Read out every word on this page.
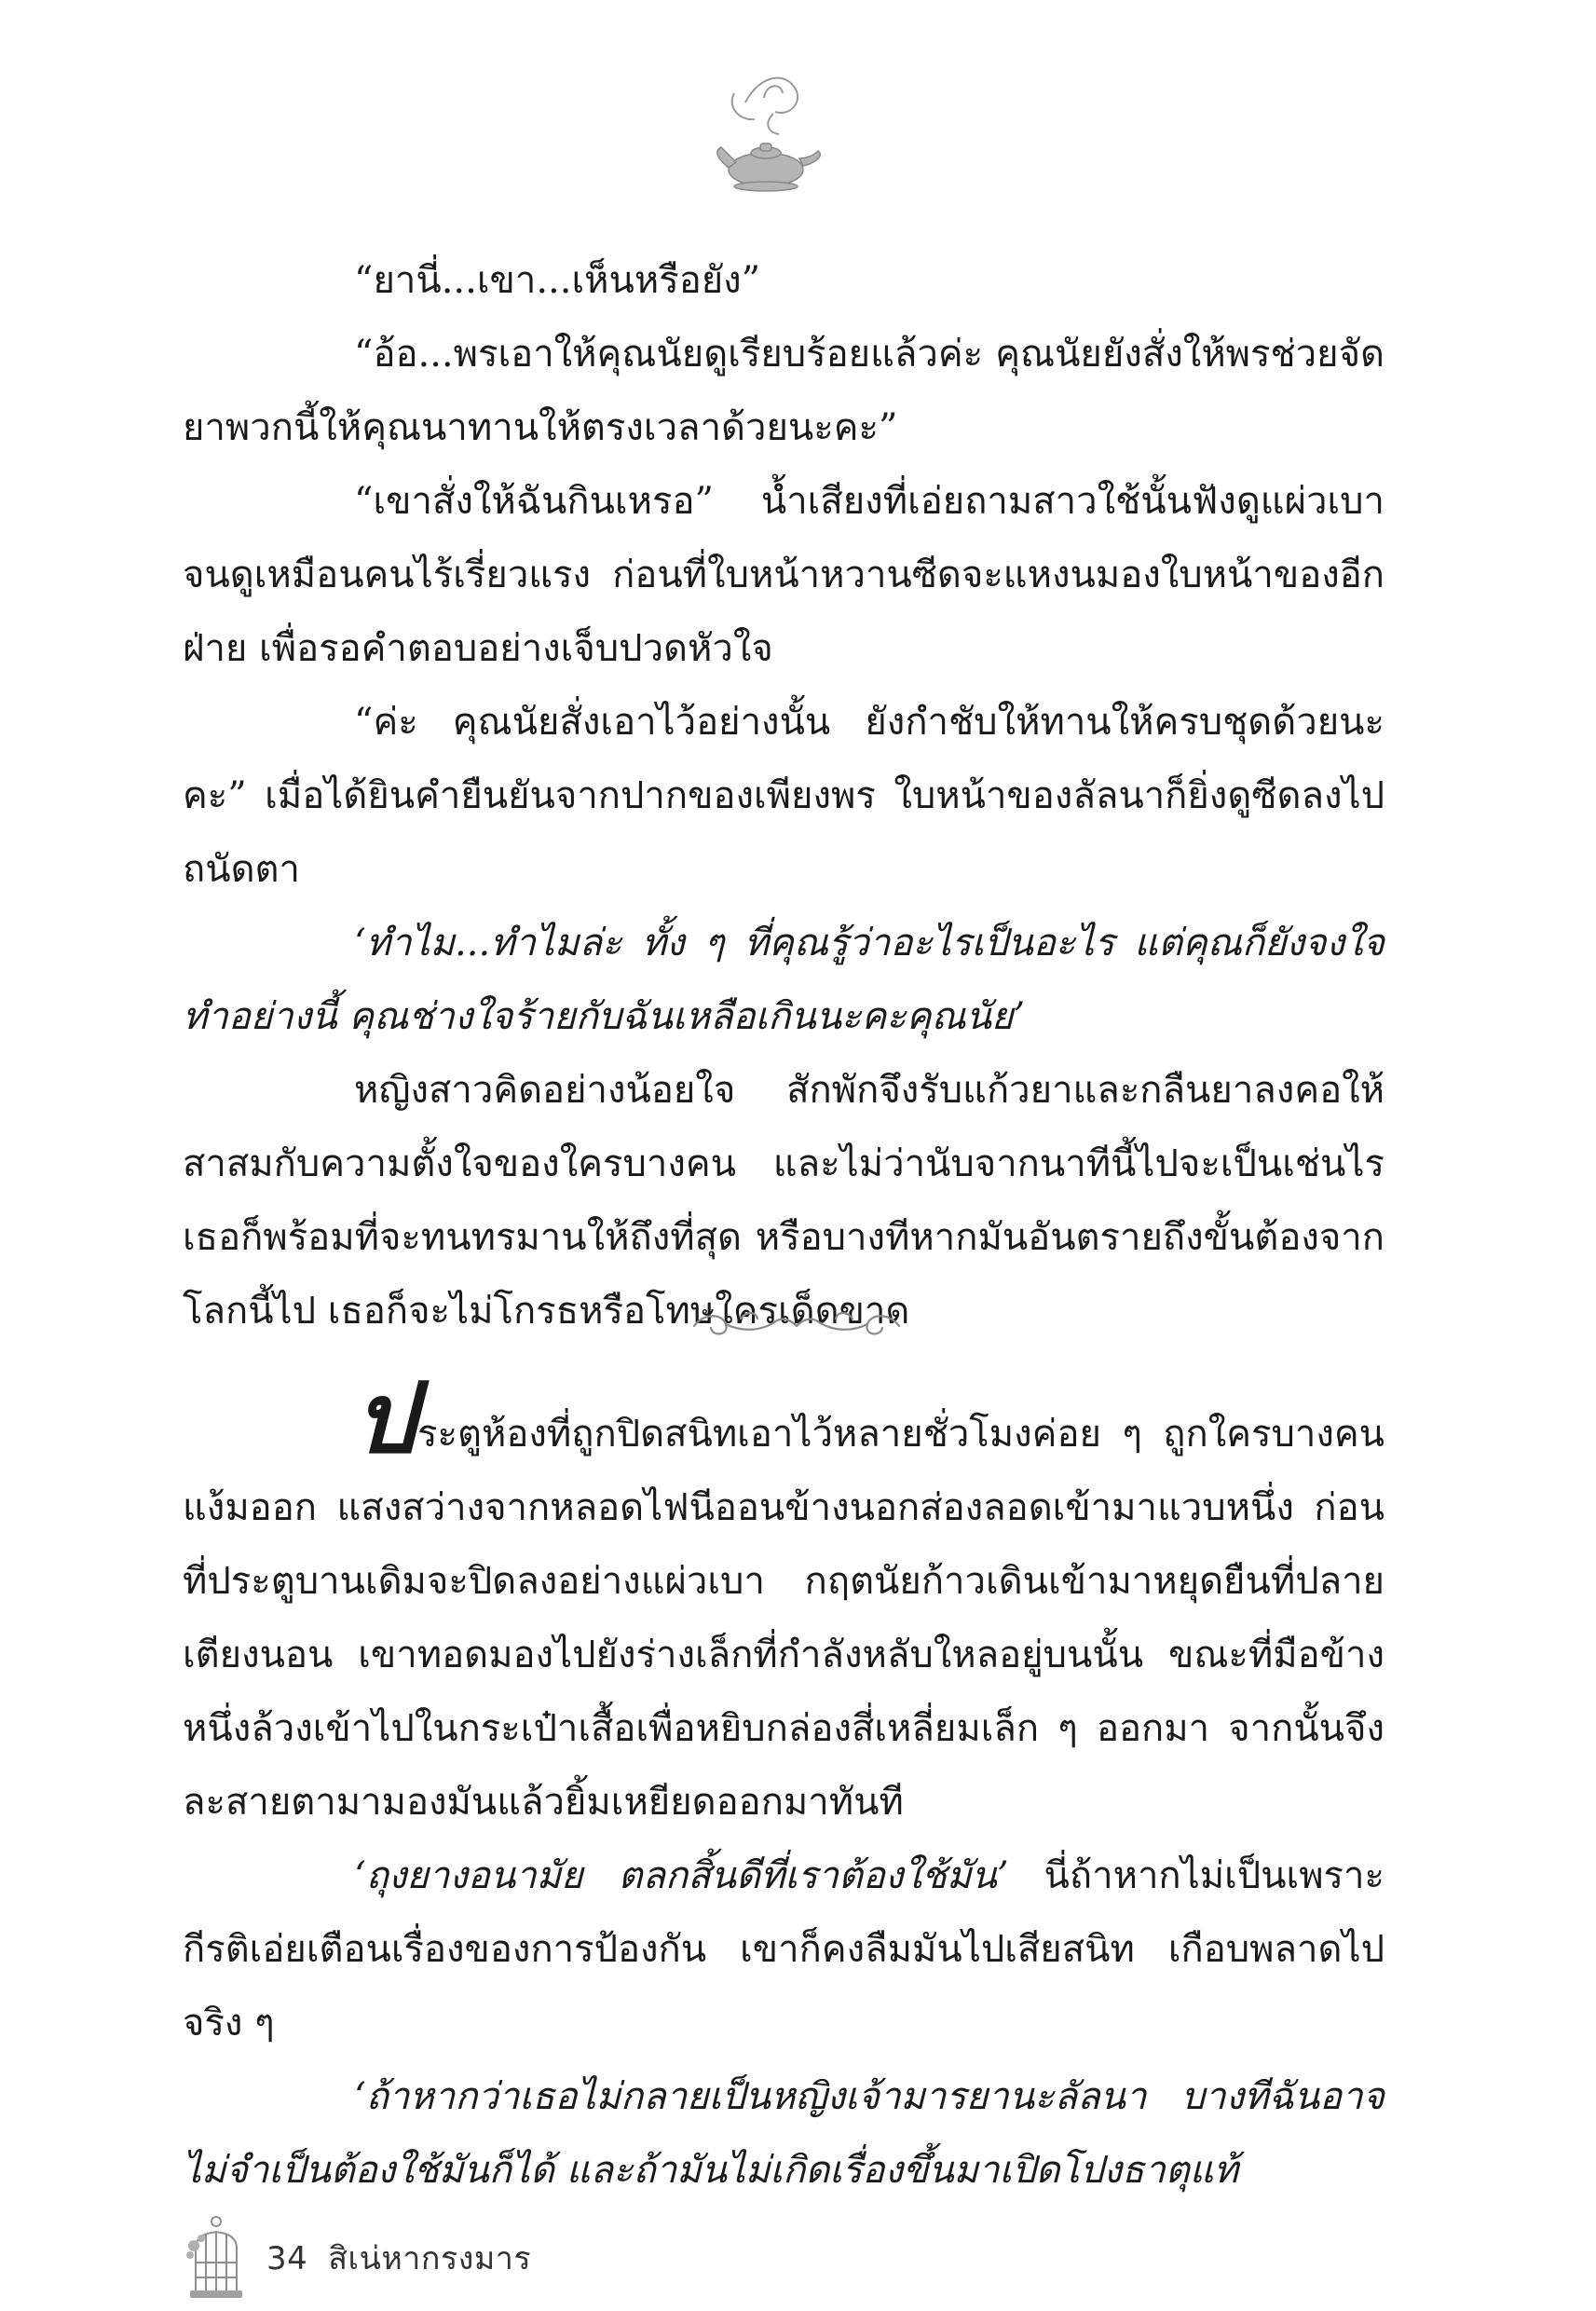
“ยานี่...เขา...เห็นหรือยัง”

“อ้อ...พรเอาให้คุณนัยดูเรียบร้อยแล้วค่ะ คุณนัยยังสั่งให้พรช่วยจัดยาพวกนี้ให้คุณนาทานให้ตรงเวลาด้วยนะคะ”

“เขาสั่งให้ฉันกินเหรอ” น้ำเสียงที่เอ่ยถามสาวใช้นั้นฟังดูแผ่วเบาจนดูเหมือนคนไร้เรี่ยวแรง ก่อนที่ใบหน้าหวานซีดจะแหงนมองใบหน้าของอีกฝ่าย เพื่อรอคำตอบอย่างเจ็บปวดหัวใจ

“ค่ะ คุณนัยสั่งเอาไว้อย่างนั้น ยังกำชับให้ทานให้ครบชุดด้วยนะคะ” เมื่อได้ยินคำยืนยันจากปากของเพียงพร ใบหน้าของลัลนาก็ยิ่งดูซีดลงไปถนัดตา

‘ทำไม...ทำไมล่ะ ทั้ง ๆ ที่คุณรู้ว่าอะไรเป็นอะไร แต่คุณก็ยังจงใจทำอย่างนี้ คุณช่างใจร้ายกับฉันเหลือเกินนะคะคุณนัย’

หญิงสาวคิดอย่างน้อยใจ สักพักจึงรับแก้วยาและกลืนยาลงคอให้สาสมกับความตั้งใจของใครบางคน และไม่ว่านับจากนาทีนี้ไปจะเป็นเช่นไร เธอก็พร้อมที่จะทนทรมานให้ถึงที่สุด หรือบางทีหากมันอันตรายถึงขั้นต้องจากโลกนี้ไป เธอก็จะไม่โกรธหรือโทษใครเด็ดขาด

ประตูห้องที่ถูกปิดสนิทเอาไว้หลายชั่วโมงค่อย ๆ ถูกใครบางคนแง้มออก แสงสว่างจากหลอดไฟนีออนข้างนอกส่องลอดเข้ามาแวบหนึ่ง ก่อนที่ประตูบานเดิมจะปิดลงอย่างแผ่วเบา กฤตนัยก้าวเดินเข้ามาหยุดยืนที่ปลายเตียงนอน เขาทอดมองไปยังร่างเล็กที่กำลังหลับใหลอยู่บนนั้น ขณะที่มือข้างหนึ่งล้วงเข้าไปในกระเป๋าเสื้อเพื่อหยิบกล่องสี่เหลี่ยมเล็ก ๆ ออกมา จากนั้นจึงละสายตามามองมันแล้วยิ้มเหยียดออกมาทันที

‘ถุงยางอนามัย ตลกสิ้นดีที่เราต้องใช้มัน’ นี่ถ้าหากไม่เป็นเพราะกีรติเอ่ยเตือนเรื่องของการป้องกัน เขาก็คงลืมมันไปเสียสนิท เกือบพลาดไปจริง ๆ

‘ถ้าหากว่าเธอไม่กลายเป็นหญิงเจ้ามารยานะลัลนา บางทีฉันอาจไม่จำเป็นต้องใช้มันก็ได้ และถ้ามันไม่เกิดเรื่องขึ้นมาเปิดโปงธาตุแท้

34 สิเน่หากรงมาร
